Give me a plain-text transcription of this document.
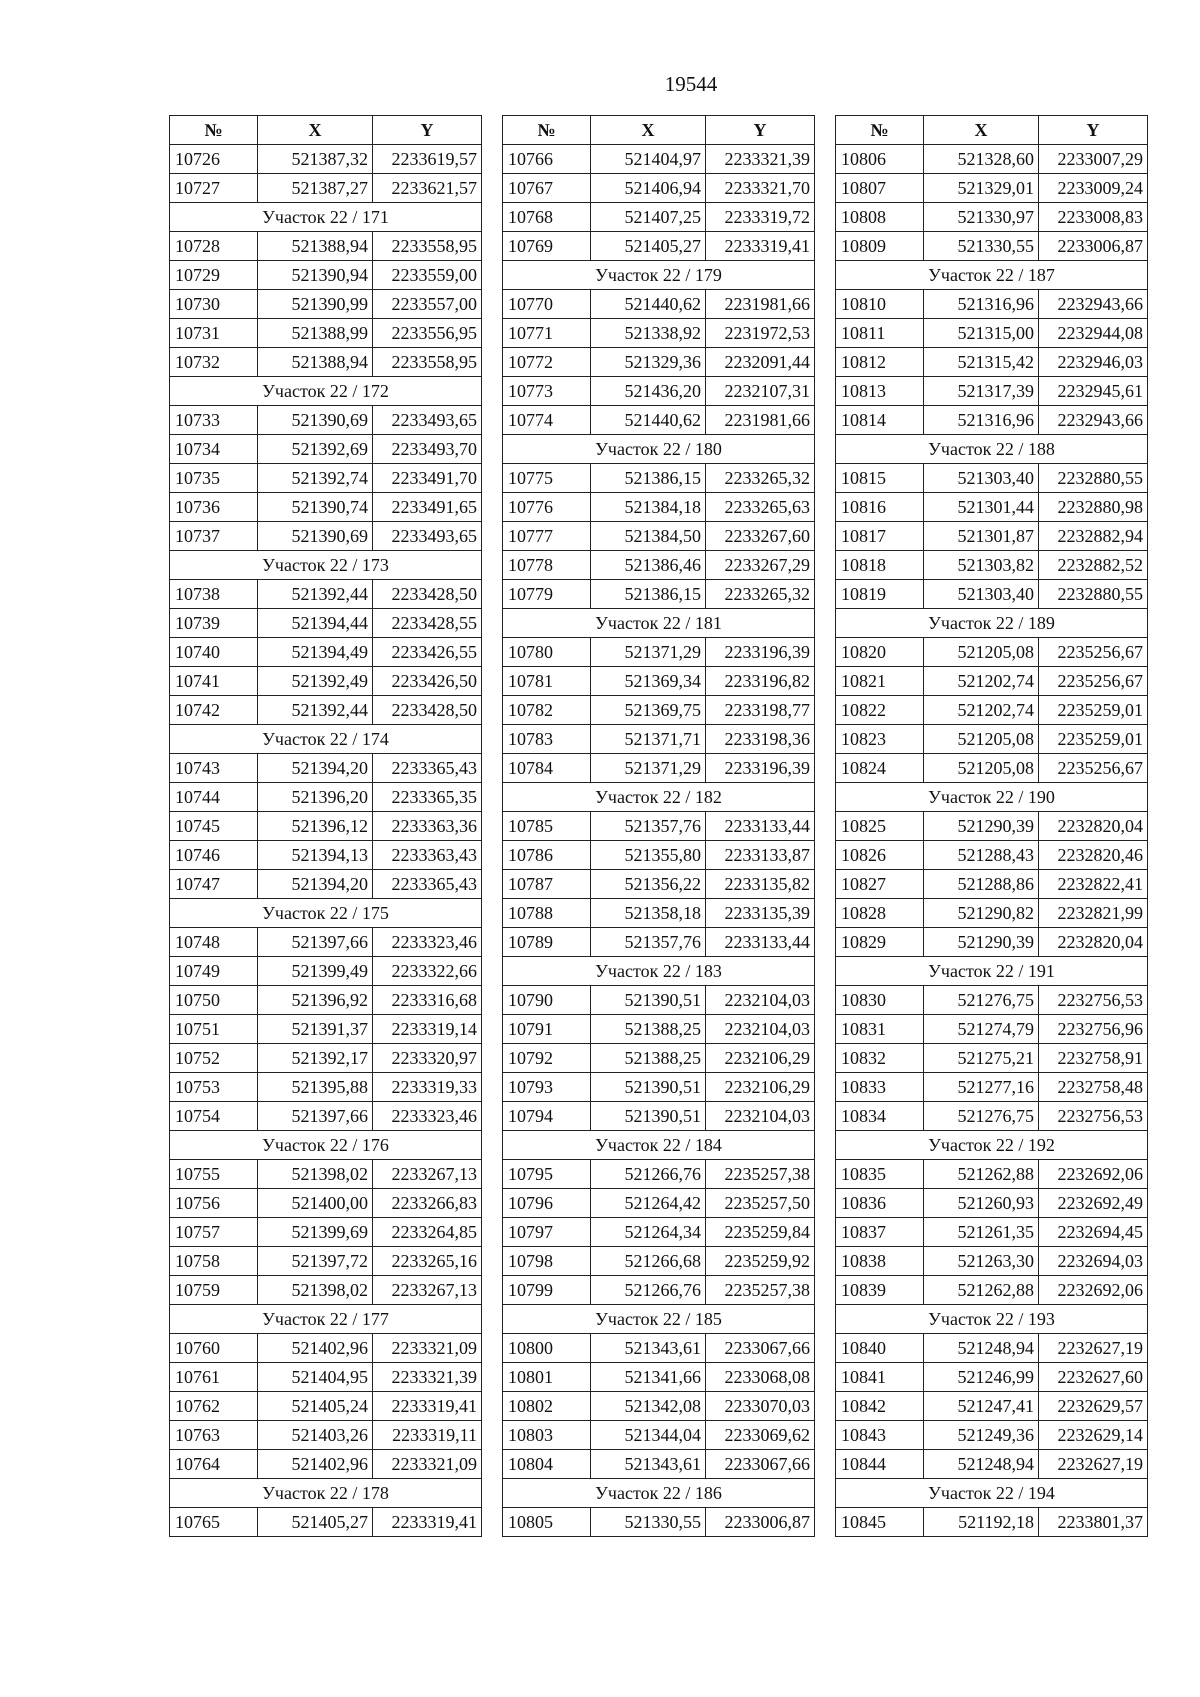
19544
№	X	Y
10726	521387,32	2233619,57
10727	521387,27	2233621,57
Участок 22 / 171		
10728	521388,94	2233558,95
10729	521390,94	2233559,00
10730	521390,99	2233557,00
10731	521388,99	2233556,95
10732	521388,94	2233558,95
Участок 22 / 172		
10733	521390,69	2233493,65
10734	521392,69	2233493,70
10735	521392,74	2233491,70
10736	521390,74	2233491,65
10737	521390,69	2233493,65
Участок 22 / 173		
10738	521392,44	2233428,50
10739	521394,44	2233428,55
10740	521394,49	2233426,55
10741	521392,49	2233426,50
10742	521392,44	2233428,50
Участок 22 / 174		
10743	521394,20	2233365,43
10744	521396,20	2233365,35
10745	521396,12	2233363,36
10746	521394,13	2233363,43
10747	521394,20	2233365,43
Участок 22 / 175		
10748	521397,66	2233323,46
10749	521399,49	2233322,66
10750	521396,92	2233316,68
10751	521391,37	2233319,14
10752	521392,17	2233320,97
10753	521395,88	2233319,33
10754	521397,66	2233323,46
Участок 22 / 176		
10755	521398,02	2233267,13
10756	521400,00	2233266,83
10757	521399,69	2233264,85
10758	521397,72	2233265,16
10759	521398,02	2233267,13
Участок 22 / 177		
10760	521402,96	2233321,09
10761	521404,95	2233321,39
10762	521405,24	2233319,41
10763	521403,26	2233319,11
10764	521402,96	2233321,09
Участок 22 / 178		
10765	521405,27	2233319,41
№	X	Y
10766	521404,97	2233321,39
10767	521406,94	2233321,70
10768	521407,25	2233319,72
10769	521405,27	2233319,41
Участок 22 / 179		
10770	521440,62	2231981,66
10771	521338,92	2231972,53
10772	521329,36	2232091,44
10773	521436,20	2232107,31
10774	521440,62	2231981,66
Участок 22 / 180		
10775	521386,15	2233265,32
10776	521384,18	2233265,63
10777	521384,50	2233267,60
10778	521386,46	2233267,29
10779	521386,15	2233265,32
Участок 22 / 181		
10780	521371,29	2233196,39
10781	521369,34	2233196,82
10782	521369,75	2233198,77
10783	521371,71	2233198,36
10784	521371,29	2233196,39
Участок 22 / 182		
10785	521357,76	2233133,44
10786	521355,80	2233133,87
10787	521356,22	2233135,82
10788	521358,18	2233135,39
10789	521357,76	2233133,44
Участок 22 / 183		
10790	521390,51	2232104,03
10791	521388,25	2232104,03
10792	521388,25	2232106,29
10793	521390,51	2232106,29
10794	521390,51	2232104,03
Участок 22 / 184		
10795	521266,76	2235257,38
10796	521264,42	2235257,50
10797	521264,34	2235259,84
10798	521266,68	2235259,92
10799	521266,76	2235257,38
Участок 22 / 185		
10800	521343,61	2233067,66
10801	521341,66	2233068,08
10802	521342,08	2233070,03
10803	521344,04	2233069,62
10804	521343,61	2233067,66
Участок 22 / 186		
10805	521330,55	2233006,87
№	X	Y
10806	521328,60	2233007,29
10807	521329,01	2233009,24
10808	521330,97	2233008,83
10809	521330,55	2233006,87
Участок 22 / 187		
10810	521316,96	2232943,66
10811	521315,00	2232944,08
10812	521315,42	2232946,03
10813	521317,39	2232945,61
10814	521316,96	2232943,66
Участок 22 / 188		
10815	521303,40	2232880,55
10816	521301,44	2232880,98
10817	521301,87	2232882,94
10818	521303,82	2232882,52
10819	521303,40	2232880,55
Участок 22 / 189		
10820	521205,08	2235256,67
10821	521202,74	2235256,67
10822	521202,74	2235259,01
10823	521205,08	2235259,01
10824	521205,08	2235256,67
Участок 22 / 190		
10825	521290,39	2232820,04
10826	521288,43	2232820,46
10827	521288,86	2232822,41
10828	521290,82	2232821,99
10829	521290,39	2232820,04
Участок 22 / 191		
10830	521276,75	2232756,53
10831	521274,79	2232756,96
10832	521275,21	2232758,91
10833	521277,16	2232758,48
10834	521276,75	2232756,53
Участок 22 / 192		
10835	521262,88	2232692,06
10836	521260,93	2232692,49
10837	521261,35	2232694,45
10838	521263,30	2232694,03
10839	521262,88	2232692,06
Участок 22 / 193		
10840	521248,94	2232627,19
10841	521246,99	2232627,60
10842	521247,41	2232629,57
10843	521249,36	2232629,14
10844	521248,94	2232627,19
Участок 22 / 194		
10845	521192,18	2233801,37
